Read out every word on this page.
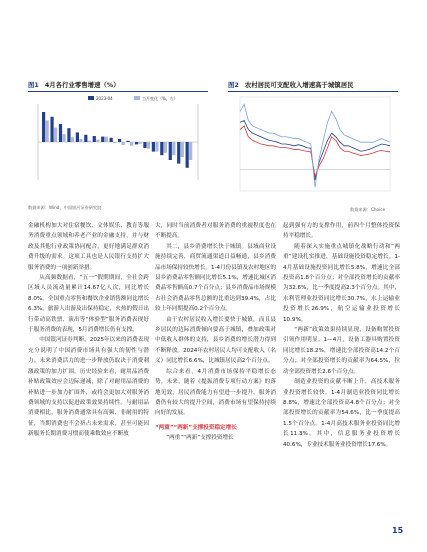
图1 4月各行业零售增速（%）
2023-04	当月变化（%，右）
数据来源：Wind，中国银河证券研究院
图2 农村居民可支配收入增速高于城镇居民
数据来源：Choice

金融机构加大对住宿餐饮、文体娱乐、教育等服务消费重点领域和养老产业的金融支持，并与财政及其他行业政策协同配合，更好地满足群众消费升级的需求。这项工具也是人民银行支持扩大服务消费的一项创新举措。

从高频数据看，“五一”假期期间，全社会跨区域人员流动量累计14.67亿人次，同比增长8.0%。全国重点零售和餐饮企业销售额同比增长6.3%。旅游人出游及出保持稳定，火热的假日出行带动高铁票、演出等“体验型”服务消费表现好于服务消费的表现，5月消费增长仍有支撑。

中国银河证券判断，2025年以来的消费表现充分说明了中国消费市场具有强大的韧性与潜力。未来消费活力的进一步释放仍取决于消费刺激政策的加力扩围。历史经验来看，耐用品消费补贴政策效应会边际递减，除了对耐用品消费的补贴进一步加力扩围外，或将会更加大对服务消费领域的支持以促进政策效果持续性。与耐用品消费相比，服务消费通常具有高频、非耐用的特征，当期消费也不会挤占未来需求，甚至可能因新服务长期消费习惯而使乘数效应不断放

大，同时当前消费者对服务消费的重视程度也在不断提高。

其二，县乡消费增长快于城镇。县域商业设施持续完善，商贸流通渠道日益畅通，县乡消费品市场保持较快增长。1-4月份县镇及农村地区的县乡消费品零售额同比增长5.1%，增速比城区消费品零售额高0.7个百分点；县乡消费品市场规模占社会消费品零售总额的比重达到39.4%，占比较上年同期提高0.2个百分点。

由于农村居民收入增长要快于城镇，而且县乡居民的边际消费倾向要高于城镇，叠加政策对中低收入群体的支持，县乡消费的增长潜力得到不断释放。2024年农村居民人均可支配收入（名义）同比增长6.6%，比城镇居民高2个百分点。

综合来看，4月消费市场保持平稳增长态势。未来，随着《提振消费专项行动方案》的落地见效，居民消费能力有望进一步提升，服务消费仍有较大的提升空间，消费市场有望保持持续向好的发展。

“两重”“两新”支撑投资稳定增长

“两重”“两新”支撑投资增长

起到强有力的支撑作用，前四个月整体投资保持平稳增长。

随着深入实施重点城镇化战略行动和“两重”建设扎实推进，基础设施投资稳定增长。1-4月基础设施投资同比增长5.8%，增速比全部投资高1.8个百分点；对全部投资增长的贡献率为32.6%，比一季度提高2.3个百分点。其中，水利管理业投资同比增长30.7%，水上运输业投资增长26.9%，航空运输业投资增长10.9%。

“两新”政策效果持续显现，设备购置投资引领作用明显。1—4月，设备工器具购置投资同比增长18.2%，增速比全部投资高14.2个百分点；对全部投资增长的贡献率为64.5%，拉动全部投资增长2.6个百分点。

制造业投资的贡献不断上升，高技术服务业投资增长较快。1-4月制造业投资同比增长8.8%，增速比全部投资高4.8个百分点；对全部投资增长的贡献率为54.6%，比一季度提高1.5个百分点。1-4月高技术服务业投资同比增长11.3%。其中，信息服务业投资增长40.6%，专业技术服务业投资增长17.6%。

15
